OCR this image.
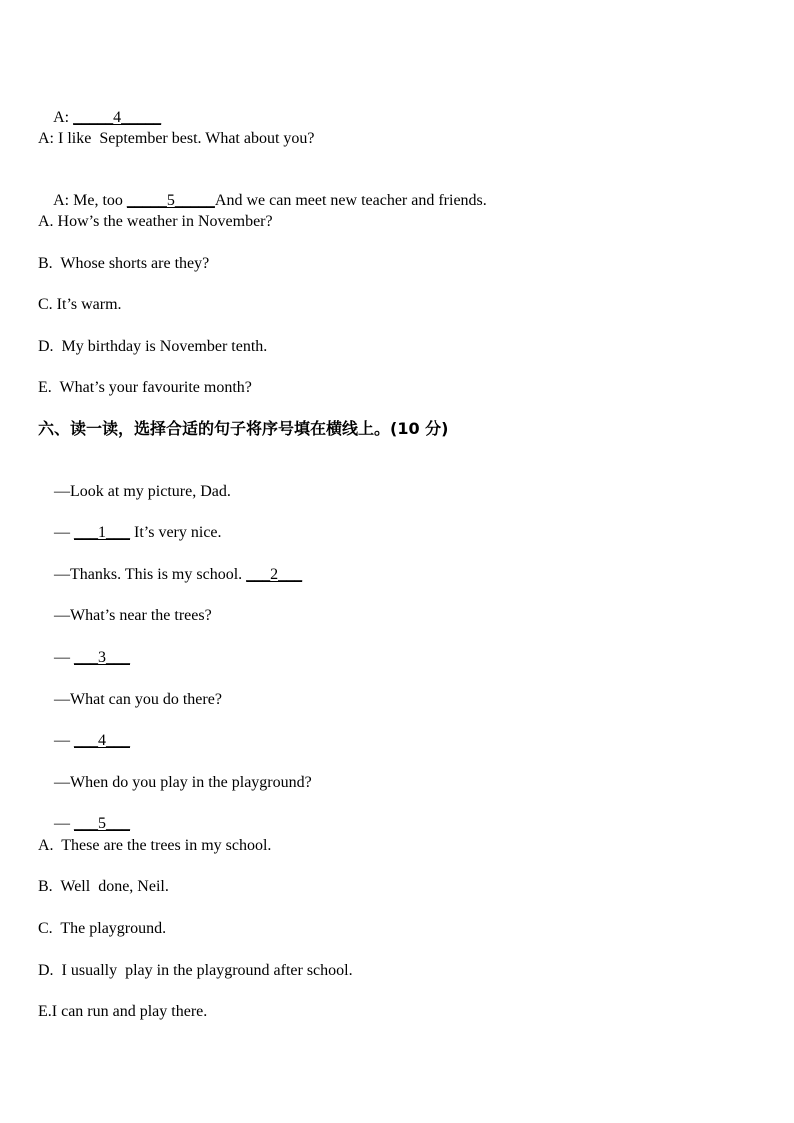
A: _____4_____

A: I like  September best. What about you?

A: Me, too _____5_____And we can meet new teacher and friends.

A. How’s the weather in November?
B.  Whose shorts are they?
C. It’s warm.
D.  My birthday is November tenth.
E.  What’s your favourite month?
六、读一读，选择合适的句子将序号填在横线上。(10 分)

—Look at my picture, Dad.

— ___1___ It’s very nice.

—Thanks. This is my school. ___2___

—What’s near the trees?

— ___3___

—What can you do there?

— ___4___

—When do you play in the playground?

— ___5___

A.  These are the trees in my school.
B.  Well  done, Neil.
C.  The playground.
D.  I usually  play in the playground after school.
E.I can run and play there.
